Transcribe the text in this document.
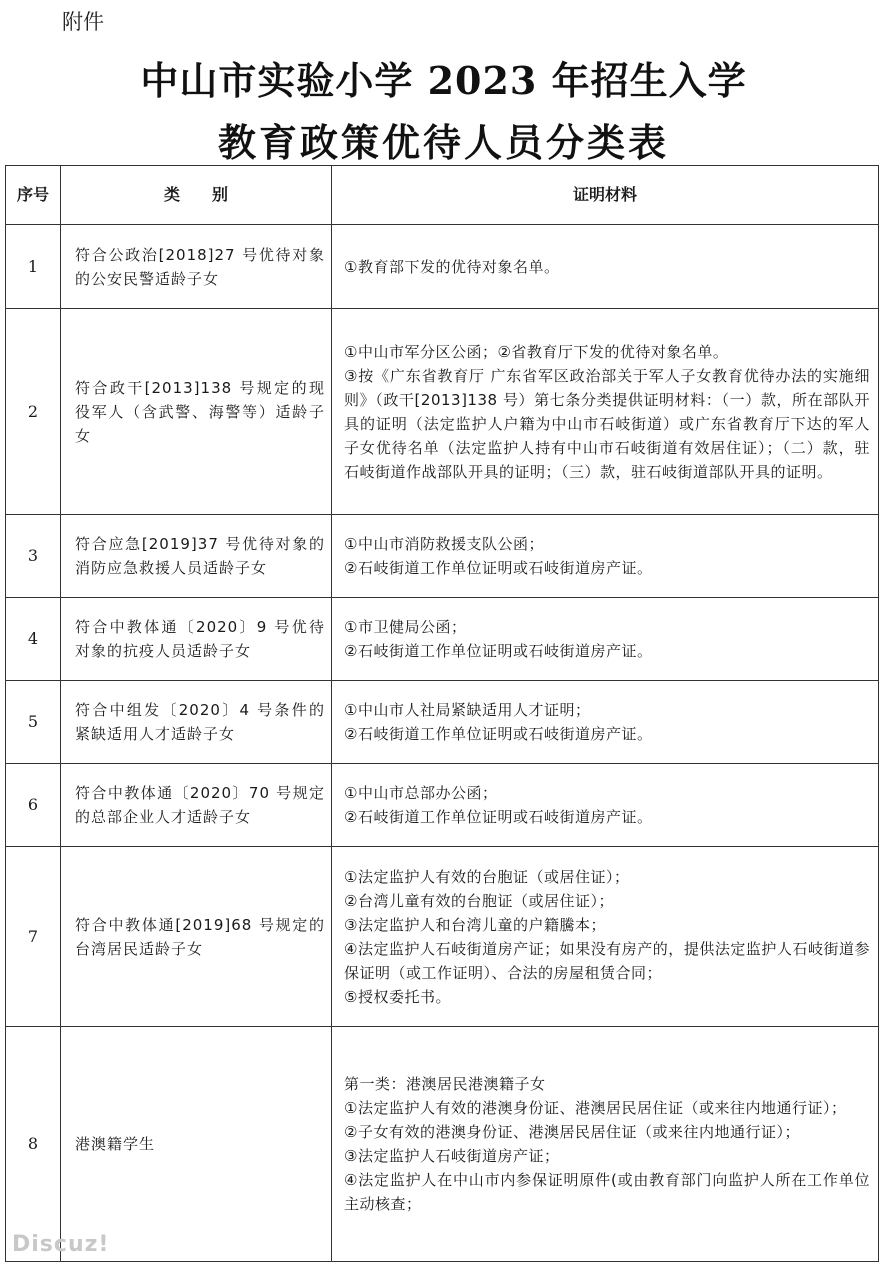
附件
中山市实验小学 2023 年招生入学
教育政策优待人员分类表
序号	类　　别	证明材料
1	符合公政治[2018]27 号优待对象的公安民警适龄子女	①教育部下发的优待对象名单。

2	符合政干[2013]138 号规定的现役军人（含武警、海警等）适龄子女	①中山市军分区公函；②省教育厅下发的优待对象名单。
③按《广东省教育厅 广东省军区政治部关于军人子女教育优待办法的实施细则》（政干[2013]138 号）第七条分类提供证明材料：（一）款，所在部队开具的证明（法定监护人户籍为中山市石岐街道）或广东省教育厅下达的军人子女优待名单（法定监护人持有中山市石岐街道有效居住证）；（二）款，驻石岐街道作战部队开具的证明；（三）款，驻石岐街道部队开具的证明。

3	符合应急[2019]37 号优待对象的消防应急救援人员适龄子女	①中山市消防救援支队公函；
②石岐街道工作单位证明或石岐街道房产证。

4	符合中教体通〔2020〕9 号优待对象的抗疫人员适龄子女	①市卫健局公函；
②石岐街道工作单位证明或石岐街道房产证。

5	符合中组发〔2020〕4 号条件的紧缺适用人才适龄子女	①中山市人社局紧缺适用人才证明；
②石岐街道工作单位证明或石岐街道房产证。

6	符合中教体通〔2020〕70 号规定的总部企业人才适龄子女	①中山市总部办公函；
②石岐街道工作单位证明或石岐街道房产证。

7	符合中教体通[2019]68 号规定的台湾居民适龄子女	①法定监护人有效的台胞证（或居住证）；
②台湾儿童有效的台胞证（或居住证）；
③法定监护人和台湾儿童的户籍騰本；
④法定监护人石岐街道房产证；如果没有房产的，提供法定监护人石岐街道参保证明（或工作证明）、合法的房屋租赁合同；
⑤授权委托书。

8	港澳籍学生	第一类：港澳居民港澳籍子女
①法定监护人有效的港澳身份证、港澳居民居住证（或来往内地通行证）；
②子女有效的港澳身份证、港澳居民居住证（或来往内地通行证）；
③法定监护人石岐街道房产证；
④法定监护人在中山市内参保证明原件(或由教育部门向监护人所在工作单位主动核查；
Discuz!
